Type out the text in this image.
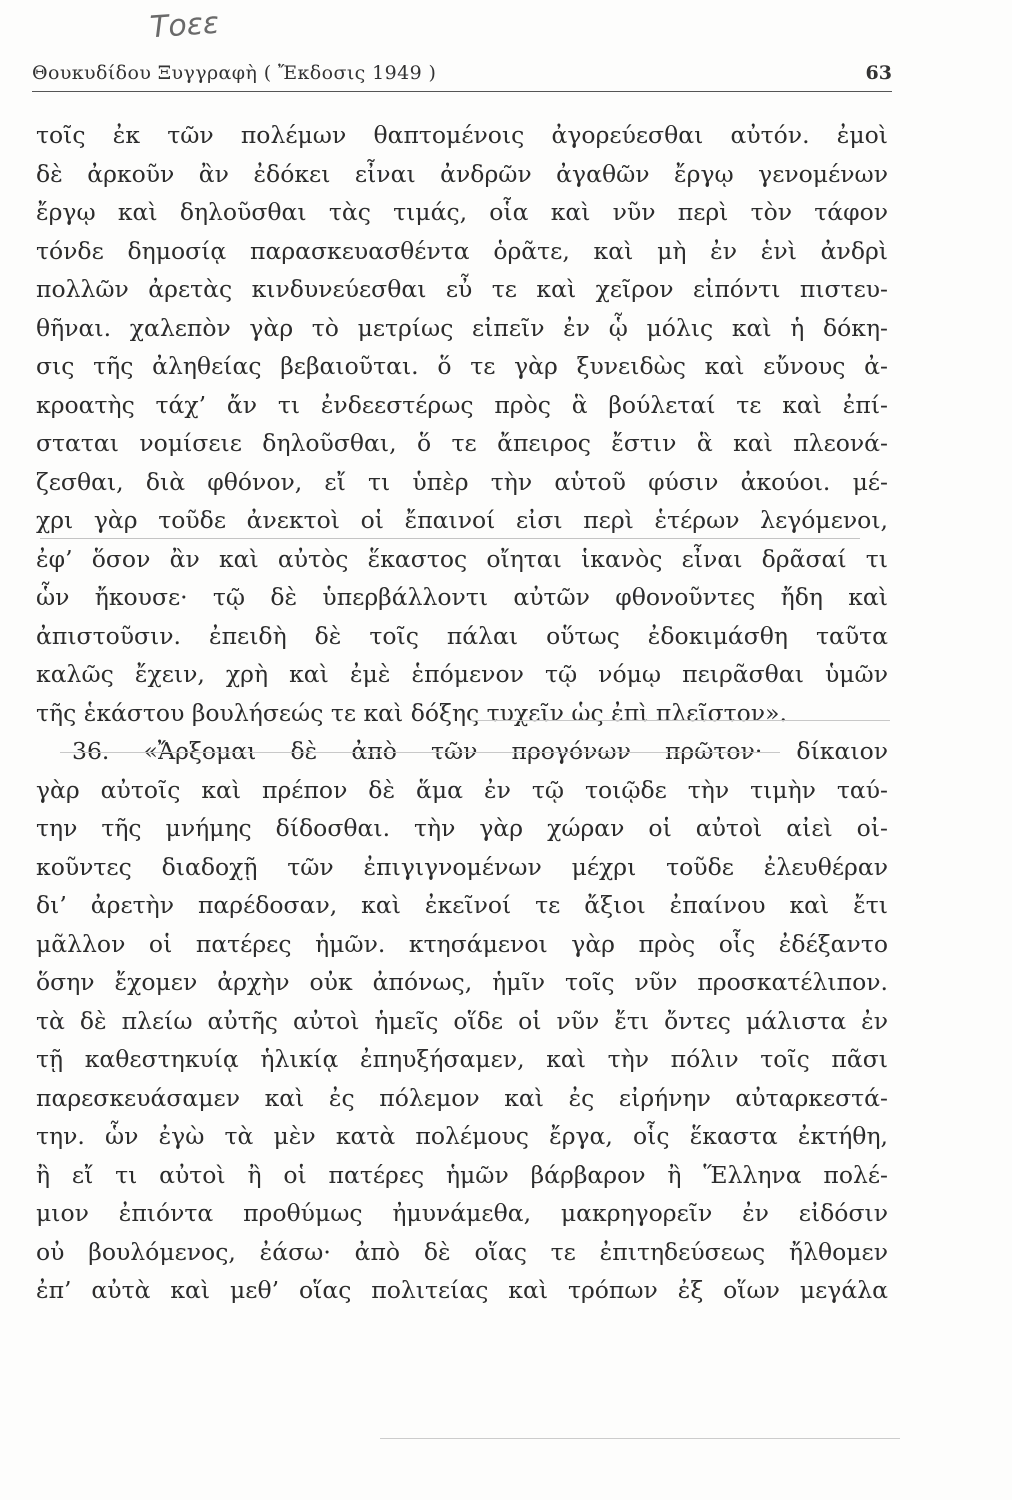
Τοεε
Θουκυδίδου Ξυγγραφὴ ( Ἔκδοσις 1949 )	63
τοῖς ἐκ τῶν πολέμων θαπτομένοις ἀγορεύεσθαι αὐτόν. ἐμοὶ
δὲ ἀρκοῦν ἂν ἐδόκει εἶναι ἀνδρῶν ἀγαθῶν ἔργῳ γενομένων
ἔργῳ καὶ δηλοῦσθαι τὰς τιμάς, οἷα καὶ νῦν περὶ τὸν τάφον
τόνδε δημοσίᾳ παρασκευασθέντα ὁρᾶτε, καὶ μὴ ἐν ἑνὶ ἀνδρὶ
πολλῶν ἀρετὰς κινδυνεύεσθαι εὖ τε καὶ χεῖρον εἰπόντι πιστευ-
θῆναι. χαλεπὸν γὰρ τὸ μετρίως εἰπεῖν ἐν ᾧ μόλις καὶ ἡ δόκη-
σις τῆς ἀληθείας βεβαιοῦται. ὅ τε γὰρ ξυνειδὼς καὶ εὔνους ἀ-
κροατὴς τάχ’ ἄν τι ἐνδεεστέρως πρὸς ἃ βούλεταί τε καὶ ἐπί-
σταται νομίσειε δηλοῦσθαι, ὅ τε ἄπειρος ἔστιν ἃ καὶ πλεονά-
ζεσθαι, διὰ φθόνον, εἴ τι ὑπὲρ τὴν αὑτοῦ φύσιν ἀκούοι. μέ-
χρι γὰρ τοῦδε ἀνεκτοὶ οἱ ἔπαινοί εἰσι περὶ ἑτέρων λεγόμενοι,
ἐφ’ ὅσον ἂν καὶ αὐτὸς ἕκαστος οἴηται ἱκανὸς εἶναι δρᾶσαί τι
ὧν ἤκουσε· τῷ δὲ ὑπερβάλλοντι αὐτῶν φθονοῦντες ἤδη καὶ
ἀπιστοῦσιν. ἐπειδὴ δὲ τοῖς πάλαι οὕτως ἐδοκιμάσθη ταῦτα
καλῶς ἔχειν, χρὴ καὶ ἐμὲ ἑπόμενον τῷ νόμῳ πειρᾶσθαι ὑμῶν
τῆς ἑκάστου βουλήσεώς τε καὶ δόξης τυχεῖν ὡς ἐπὶ πλεῖστον».
36. «Ἄρξομαι δὲ ἀπὸ τῶν προγόνων πρῶτον· δίκαιον
γὰρ αὐτοῖς καὶ πρέπον δὲ ἅμα ἐν τῷ τοιῷδε τὴν τιμὴν ταύ-
την τῆς μνήμης δίδοσθαι. τὴν γὰρ χώραν οἱ αὐτοὶ αἰεὶ οἰ-
κοῦντες διαδοχῇ τῶν ἐπιγιγνομένων μέχρι τοῦδε ἐλευθέραν
δι’ ἀρετὴν παρέδοσαν, καὶ ἐκεῖνοί τε ἄξιοι ἐπαίνου καὶ ἔτι
μᾶλλον οἱ πατέρες ἡμῶν. κτησάμενοι γὰρ πρὸς οἷς ἐδέξαντο
ὅσην ἔχομεν ἀρχὴν οὐκ ἀπόνως, ἡμῖν τοῖς νῦν προσκατέλιπον.
τὰ δὲ πλείω αὐτῆς αὐτοὶ ἡμεῖς οἵδε οἱ νῦν ἔτι ὄντες μάλιστα ἐν
τῇ καθεστηκυίᾳ ἡλικίᾳ ἐπηυξήσαμεν, καὶ τὴν πόλιν τοῖς πᾶσι
παρεσκευάσαμεν καὶ ἐς πόλεμον καὶ ἐς εἰρήνην αὐταρκεστά-
την. ὧν ἐγὼ τὰ μὲν κατὰ πολέμους ἔργα, οἷς ἕκαστα ἐκτήθη,
ἢ εἴ τι αὐτοὶ ἢ οἱ πατέρες ἡμῶν βάρβαρον ἢ Ἕλληνα πολέ-
μιον ἐπιόντα προθύμως ἠμυνάμεθα, μακρηγορεῖν ἐν εἰδόσιν
οὐ βουλόμενος, ἐάσω· ἀπὸ δὲ οἵας τε ἐπιτηδεύσεως ἤλθομεν
ἐπ’ αὐτὰ καὶ μεθ’ οἵας πολιτείας καὶ τρόπων ἐξ οἵων μεγάλα
